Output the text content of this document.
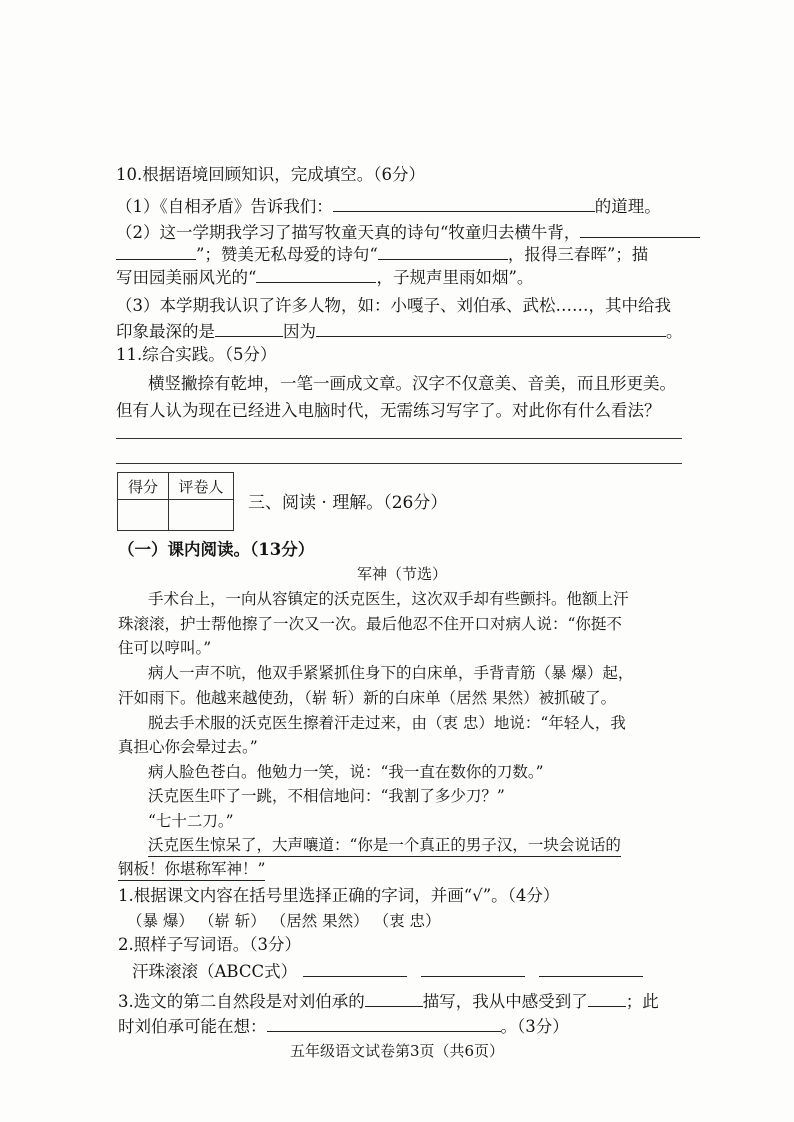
10.根据语境回顾知识，完成填空。（6分）
（1）《自相矛盾》告诉我们：	的道理。
（2）这一学期我学习了描写牧童天真的诗句“牧童归去横牛背，
”；赞美无私母爱的诗句“	，报得三春晖”；描
写田园美丽风光的“	，子规声里雨如烟”。
（3）本学期我认识了许多人物，如：小嘎子、刘伯承、武松……，其中给我
印象最深的是	因为	。
11.综合实践。（5分）
横竖撇捺有乾坤，一笔一画成文章。汉字不仅意美、音美，而且形更美。
但有人认为现在已经进入电脑时代，无需练习写字了。对此你有什么看法？
得分	评卷人

三、阅读 · 理解。（26分）
（一）课内阅读。（13分）
军神（节选）
手术台上，一向从容镇定的沃克医生，这次双手却有些颤抖。他额上汗
珠滚滚，护士帮他擦了一次又一次。最后他忍不住开口对病人说：“你挺不
住可以哼叫。”
病人一声不吭，他双手紧紧抓住身下的白床单，手背青筋（暴 爆）起，
汗如雨下。他越来越使劲，（崭 斩）新的白床单（居然 果然）被抓破了。
脱去手术服的沃克医生擦着汗走过来，由（衷 忠）地说：“年轻人，我
真担心你会晕过去。”
病人脸色苍白。他勉力一笑，说：“我一直在数你的刀数。”
沃克医生吓了一跳，不相信地问：“我割了多少刀？”
“七十二刀。”
沃克医生惊呆了，大声嚷道：“你是一个真正的男子汉，一块会说话的
钢板！你堪称军神！”
1.根据课文内容在括号里选择正确的字词，并画“√”。（4分）
（暴 爆） （崭 斩） （居然 果然） （衷 忠）
2.照样子写词语。（3分）
汗珠滚滚（ABCC式）
3.选文的第二自然段是对刘伯承的	描写，我从中感受到了 ；此
时刘伯承可能在想：	。（3分）
五年级语文试卷第3页（共6页）
